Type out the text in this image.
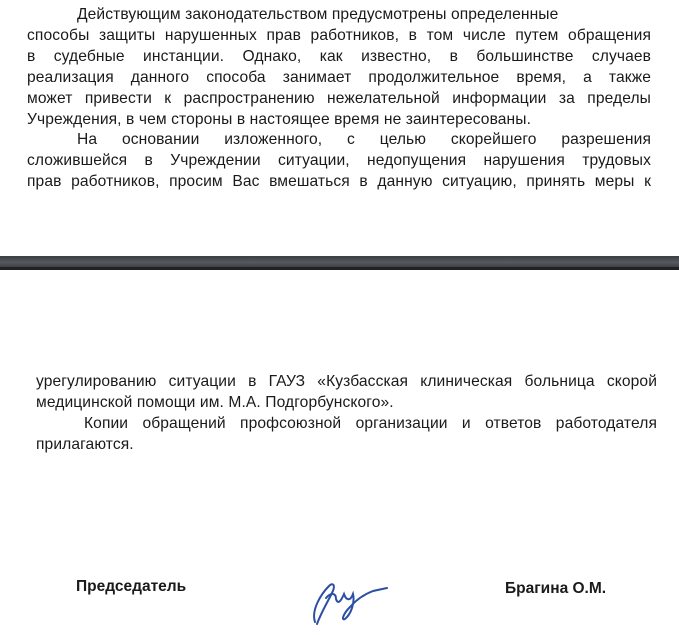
Действующим законодательством предусмотрены определенные
способы защиты нарушенных прав работников, в том числе путем обращения
в судебные инстанции. Однако, как известно, в большинстве случаев
реализация данного способа занимает продолжительное время, а также
может привести к распространению нежелательной информации за пределы
Учреждения, в чем стороны в настоящее время не заинтересованы.
На основании изложенного, с целью скорейшего разрешения
сложившейся в Учреждении ситуации, недопущения нарушения трудовых
прав работников, просим Вас вмешаться в данную ситуацию, принять меры к
урегулированию ситуации в ГАУЗ «Кузбасская клиническая больница скорой
медицинской помощи им. М.А. Подгорбунского».
Копии обращений профсоюзной организации и ответов работодателя
прилагаются.
Председатель	Брагина О.М.
